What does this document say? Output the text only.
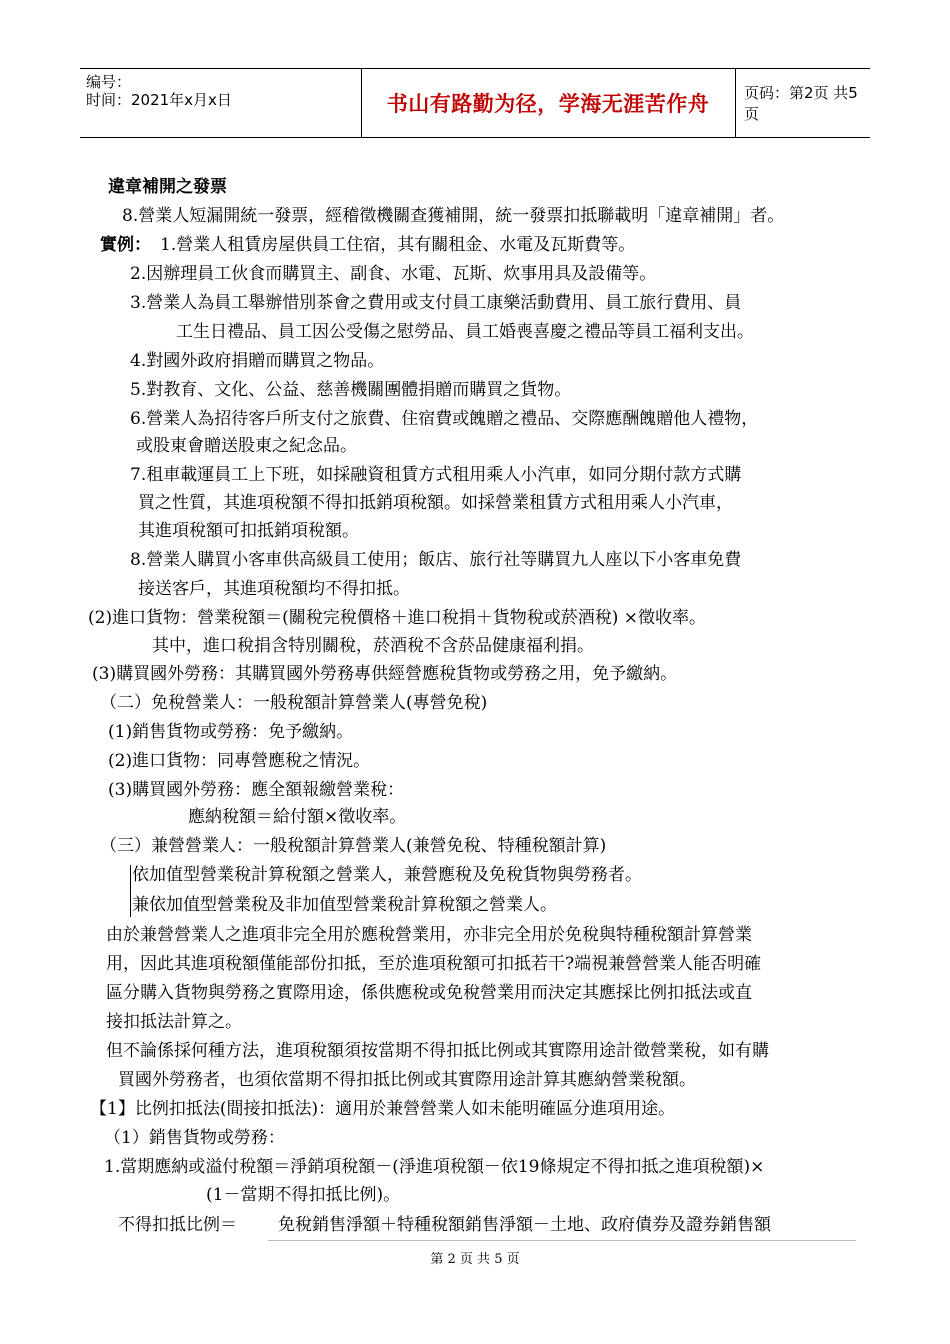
编号：
时间：2021年x月x日	书山有路勤为径，学海无涯苦作舟	页码：第2页 共5页
違章補開之發票
8.營業人短漏開統一發票，經稽徵機關查獲補開，統一發票扣抵聯載明「違章補開」者。
實例： 1.營業人租賃房屋供員工住宿，其有關租金、水電及瓦斯費等。
2.因辦理員工伙食而購買主、副食、水電、瓦斯、炊事用具及設備等。
3.營業人為員工舉辦惜別茶會之費用或支付員工康樂活動費用、員工旅行費用、員
工生日禮品、員工因公受傷之慰勞品、員工婚喪喜慶之禮品等員工福利支出。
4.對國外政府捐贈而購買之物品。
5.對教育、文化、公益、慈善機關團體捐贈而購買之貨物。
6.營業人為招待客戶所支付之旅費、住宿費或餽贈之禮品、交際應酬餽贈他人禮物，
或股東會贈送股東之紀念品。
7.租車載運員工上下班，如採融資租賃方式租用乘人小汽車，如同分期付款方式購
買之性質，其進項稅額不得扣抵銷項稅額。如採營業租賃方式租用乘人小汽車，
其進項稅額可扣抵銷項稅額。
8.營業人購買小客車供高級員工使用；飯店、旅行社等購買九人座以下小客車免費
接送客戶，其進項稅額均不得扣抵。
(2)進口貨物：營業稅額＝(關稅完稅價格＋進口稅捐＋貨物稅或菸酒稅) ×徵收率。
其中，進口稅捐含特別關稅，菸酒稅不含菸品健康福利捐。
(3)購買國外勞務：其購買國外勞務專供經營應稅貨物或勞務之用，免予繳納。
（二）免稅營業人：一般稅額計算營業人(專營免稅)
(1)銷售貨物或勞務：免予繳納。
(2)進口貨物：同專營應稅之情況。
(3)購買國外勞務：應全額報繳營業稅：
應納稅額＝給付額×徵收率。
（三）兼營營業人：一般稅額計算營業人(兼營免稅、特種稅額計算)
依加值型營業稅計算稅額之營業人，兼營應稅及免稅貨物與勞務者。
兼依加值型營業稅及非加值型營業稅計算稅額之營業人。
由於兼營營業人之進項非完全用於應稅營業用，亦非完全用於免稅與特種稅額計算營業
用，因此其進項稅額僅能部份扣抵，至於進項稅額可扣抵若干?端視兼營營業人能否明確
區分購入貨物與勞務之實際用途，係供應稅或免稅營業用而決定其應採比例扣抵法或直
接扣抵法計算之。
但不論係採何種方法，進項稅額須按當期不得扣抵比例或其實際用途計徵營業稅，如有購
買國外勞務者，也須依當期不得扣抵比例或其實際用途計算其應納營業稅額。
【1】比例扣抵法(間接扣抵法)：適用於兼營營業人如未能明確區分進項用途。
（1）銷售貨物或勞務：
1.當期應納或溢付稅額＝淨銷項稅額－(淨進項稅額－依19條規定不得扣抵之進項稅額)×
(1－當期不得扣抵比例)。
不得扣抵比例＝ 免稅銷售淨額＋特種稅額銷售淨額－土地、政府債券及證券銷售額
第 2 页 共 5 页
